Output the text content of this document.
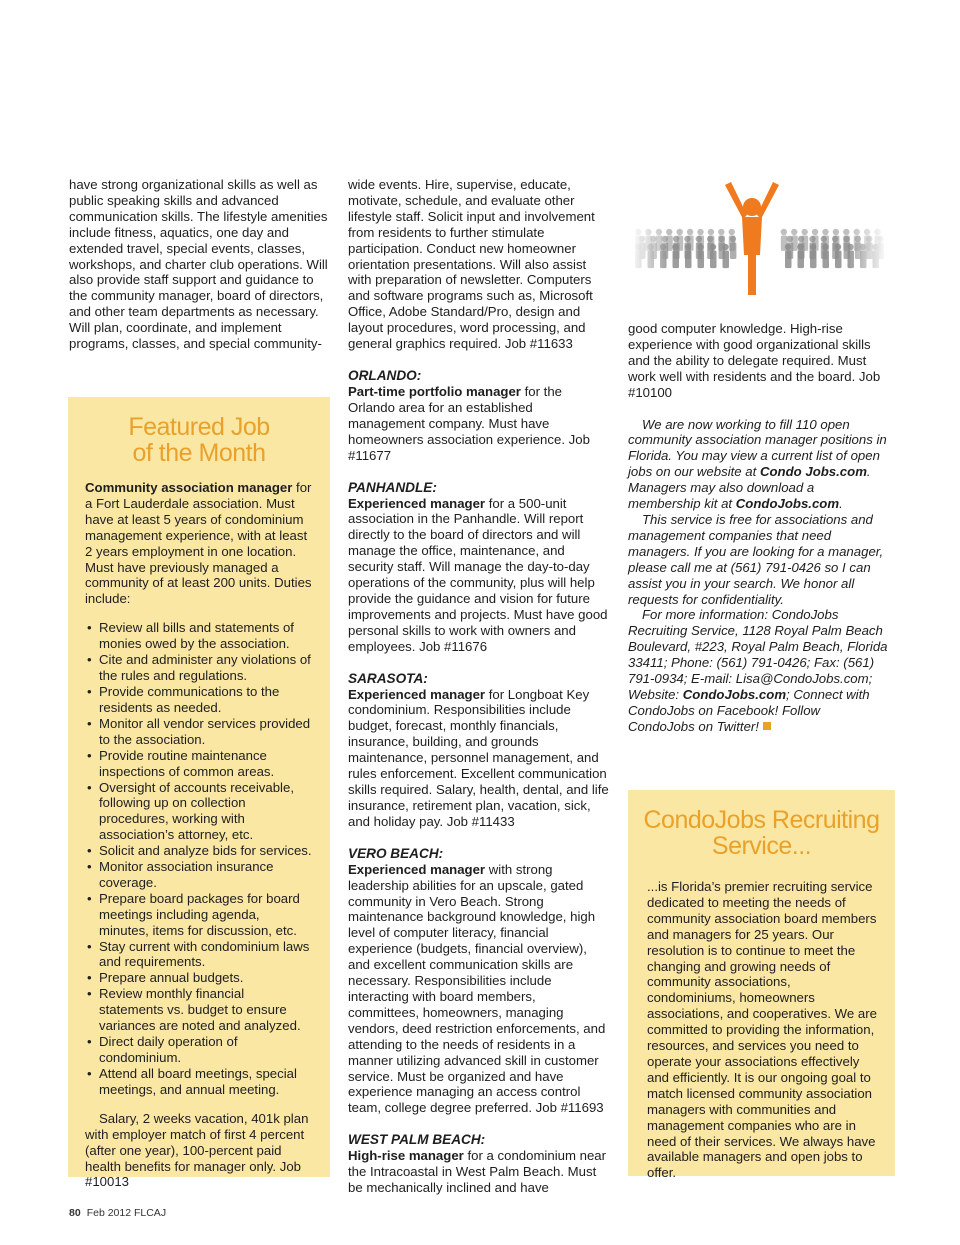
have strong organizational skills as well as public speaking skills and advanced communication skills. The lifestyle amenities include fitness, aquatics, one day and extended travel, special events, classes, workshops, and charter club operations. Will also provide staff support and guidance to the community manager, board of directors, and other team departments as necessary. Will plan, coordinate, and implement programs, classes, and special community-

Featured Job
of the Month

Community association manager for a Fort Lauderdale association. Must have at least 5 years of condominium management experience, with at least 2 years employment in one location. Must have previously managed a community of at least 200 units. Duties include:

• Review all bills and statements of monies owed by the association.
• Cite and administer any violations of the rules and regulations.
• Provide communications to the residents as needed.
• Monitor all vendor services provided to the association.
• Provide routine maintenance inspections of common areas.
• Oversight of accounts receivable, following up on collection procedures, working with association’s attorney, etc.
• Solicit and analyze bids for services.
• Monitor association insurance coverage.
• Prepare board packages for board meetings including agenda, minutes, items for discussion, etc.
• Stay current with condominium laws and requirements.
• Prepare annual budgets.
• Review monthly financial statements vs. budget to ensure variances are noted and analyzed.
• Direct daily operation of condominium.
• Attend all board meetings, special meetings, and annual meeting.

Salary, 2 weeks vacation, 401k plan with employer match of first 4 percent (after one year), 100-percent paid health benefits for manager only. Job #10013

wide events. Hire, supervise, educate, motivate, schedule, and evaluate other lifestyle staff. Solicit input and involvement from residents to further stimulate participation. Conduct new homeowner orientation presentations. Will also assist with preparation of newsletter. Computers and software programs such as, Microsoft Office, Adobe Standard/Pro, design and layout procedures, word processing, and general graphics required. Job #11633

ORLANDO:

Part-time portfolio manager for the Orlando area for an established management company. Must have homeowners association experience. Job #11677

PANHANDLE:

Experienced manager for a 500-unit association in the Panhandle. Will report directly to the board of directors and will manage the office, maintenance, and security staff. Will manage the day-to-day operations of the community, plus will help provide the guidance and vision for future improvements and projects. Must have good personal skills to work with owners and employees. Job #11676

SARASOTA:

Experienced manager for Longboat Key condominium. Responsibilities include budget, forecast, monthly financials, insurance, building, and grounds maintenance, personnel management, and rules enforcement. Excellent communication skills required. Salary, health, dental, and life insurance, retirement plan, vacation, sick, and holiday pay. Job #11433

VERO BEACH:

Experienced manager with strong leadership abilities for an upscale, gated community in Vero Beach. Strong maintenance background knowledge, high level of computer literacy, financial experience (budgets, financial overview), and excellent communication skills are necessary. Responsibilities include interacting with board members, committees, homeowners, managing vendors, deed restriction enforcements, and attending to the needs of residents in a manner utilizing advanced skill in customer service. Must be organized and have experience managing an access control team, college degree preferred. Job #11693

WEST PALM BEACH:

High-rise manager for a condominium near the Intracoastal in West Palm Beach. Must be mechanically inclined and have

good computer knowledge. High-rise experience with good organizational skills and the ability to delegate required. Must work well with residents and the board. Job #10100

We are now working to fill 110 open community association manager positions in Florida. You may view a current list of open jobs on our website at Condo Jobs.com. Managers may also download a membership kit at CondoJobs.com.

This service is free for associations and management companies that need managers. If you are looking for a manager, please call me at (561) 791-0426 so I can assist you in your search. We honor all requests for confidentiality.

For more information: CondoJobs Recruiting Service, 1128 Royal Palm Beach Boulevard, #223, Royal Palm Beach, Florida 33411; Phone: (561) 791-0426; Fax: (561) 791-0934; E-mail: Lisa@CondoJobs.com; Website: CondoJobs.com; Connect with CondoJobs on Facebook! Follow CondoJobs on Twitter!

CondoJobs Recruiting
Service...

...is Florida’s premier recruiting service dedicated to meeting the needs of community association board members and managers for 25 years. Our resolution is to continue to meet the changing and growing needs of community associations, condominiums, homeowners associations, and cooperatives. We are committed to providing the information, resources, and services you need to operate your associations effectively and efficiently. It is our ongoing goal to match licensed community association managers with communities and management companies who are in need of their services. We always have available managers and open jobs to offer.

80 Feb 2012 FLCAJ
